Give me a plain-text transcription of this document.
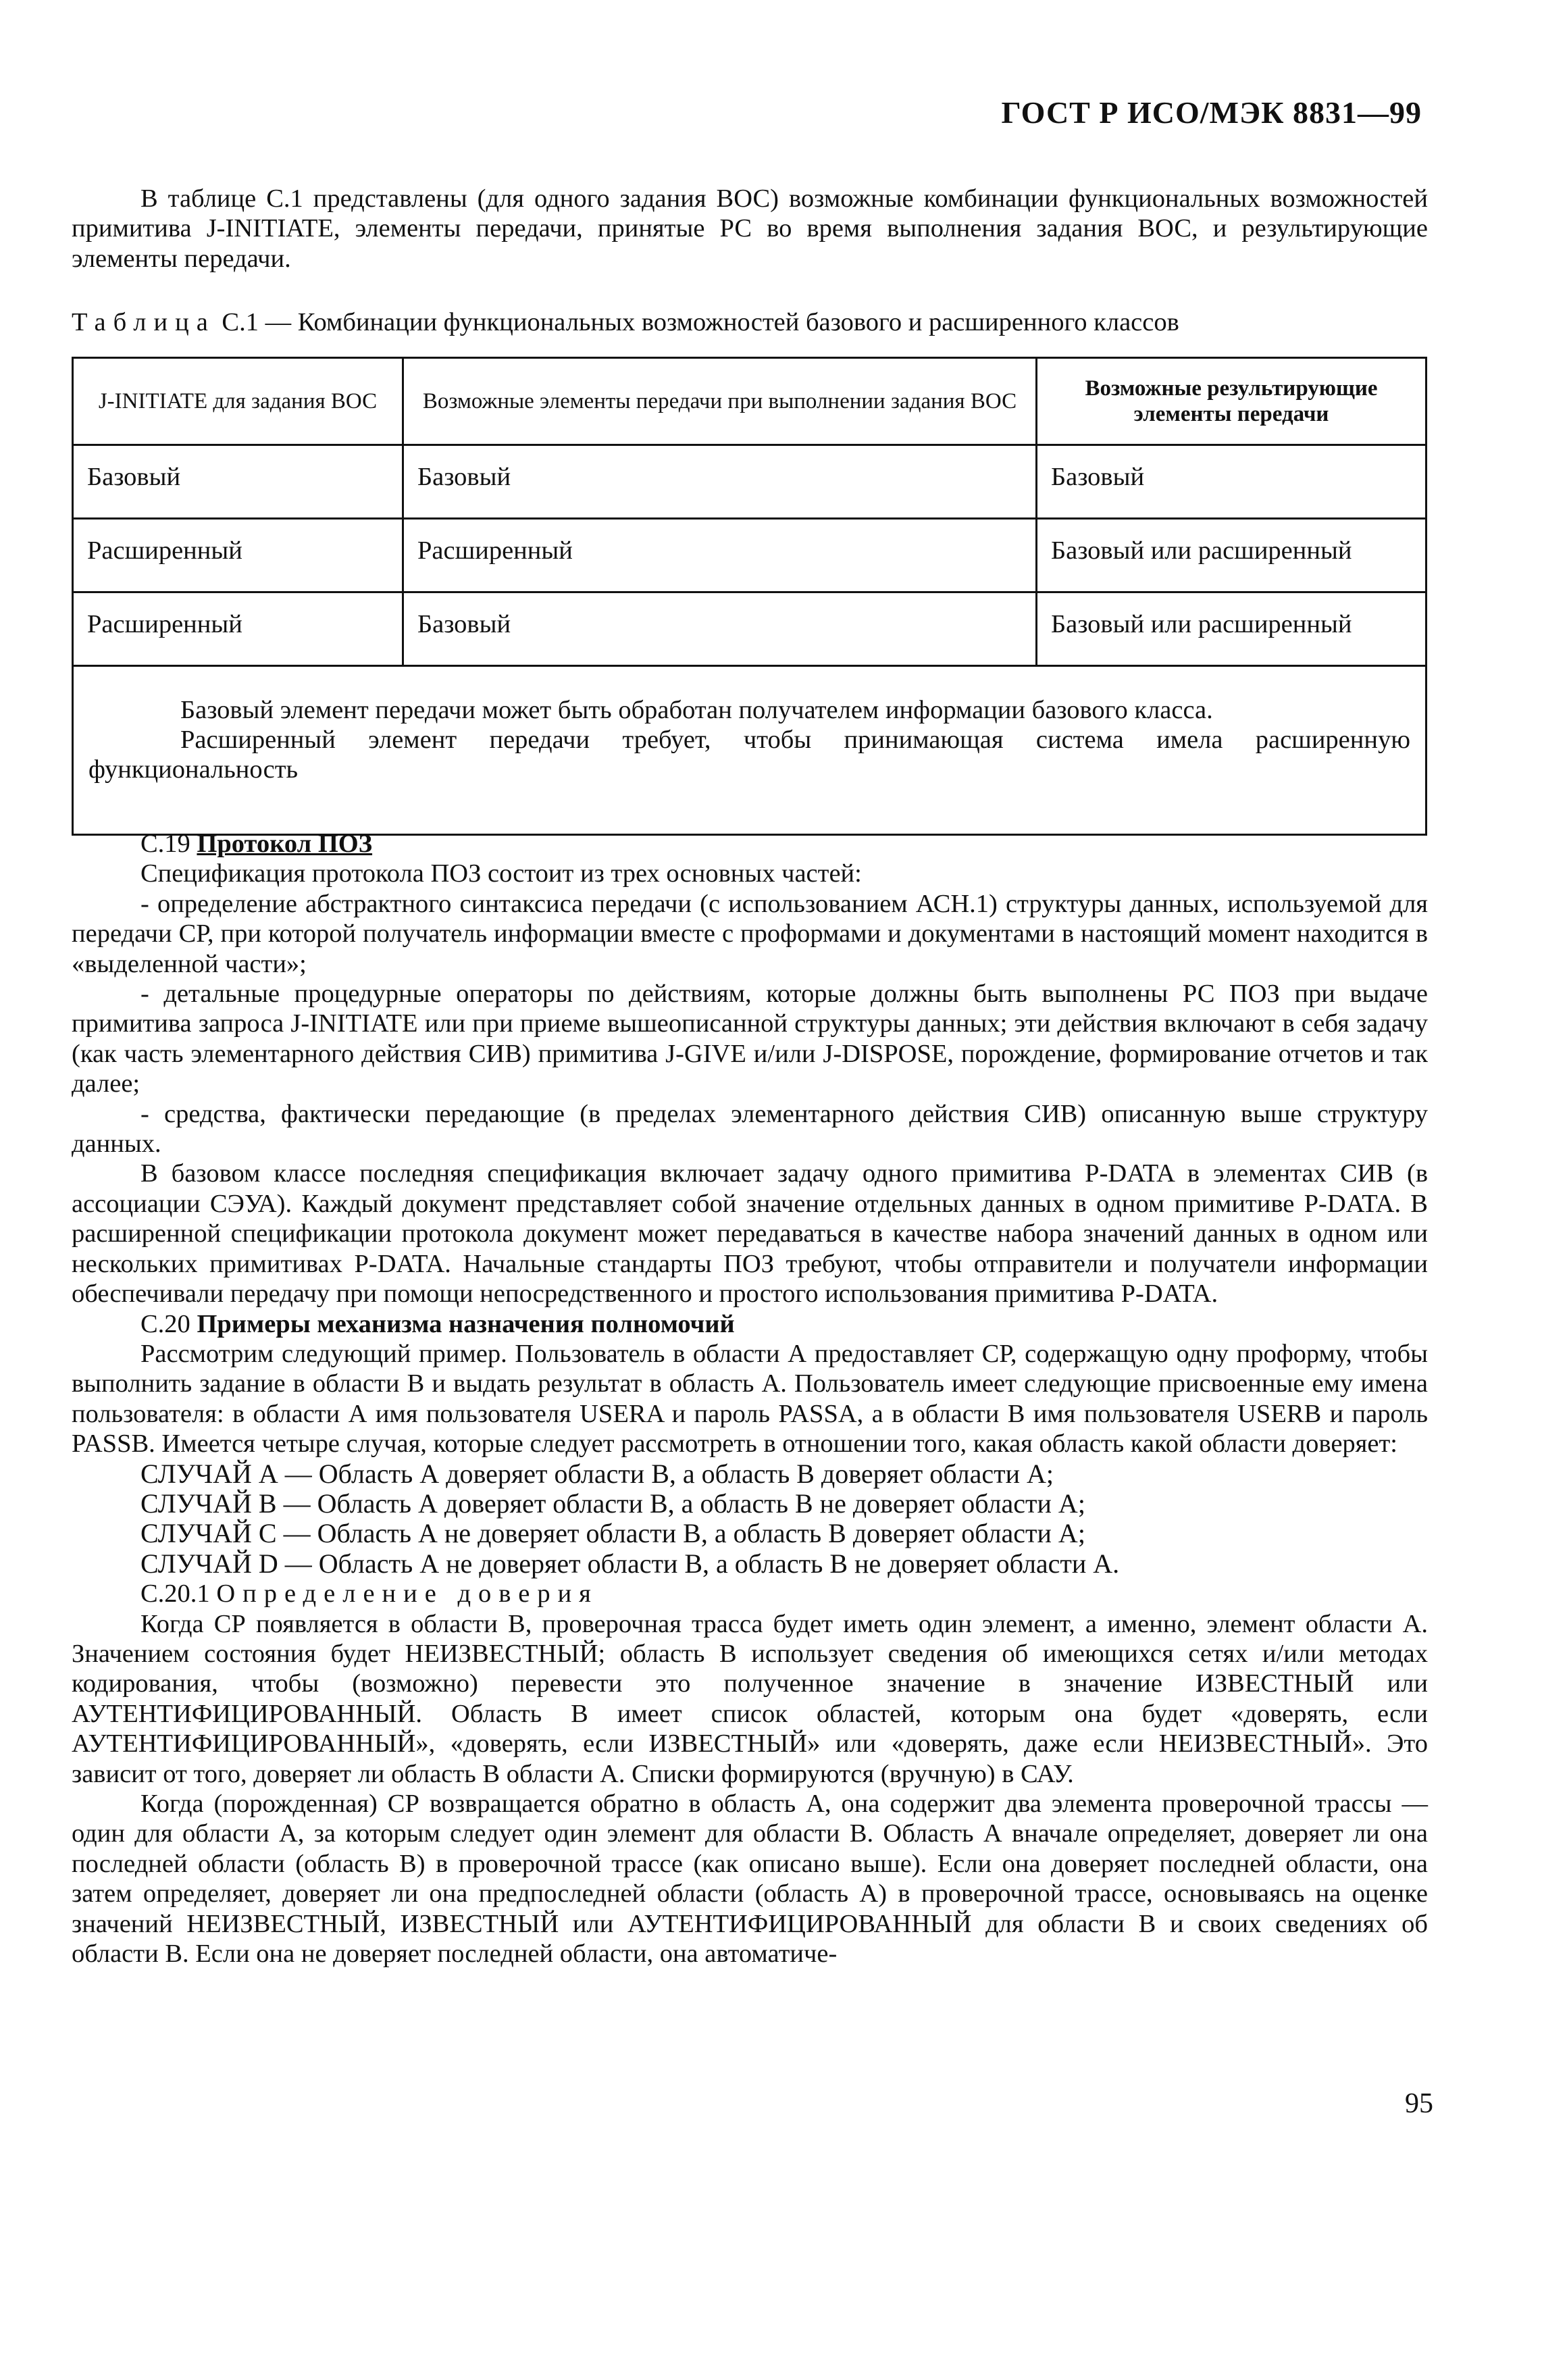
ГОСТ Р ИСО/МЭК 8831—99

В таблице С.1 представлены (для одного задания ВОС) возможные комбинации функциональных возможностей примитива J-INITIATE, элементы передачи, принятые РС во время выполнения задания ВОС, и результирующие элементы передачи.

Таблица С.1 — Комбинации функциональных возможностей базового и расширенного классов
J-INITIATE для задания ВОС	Возможные элементы передачи при выполнении задания ВОС	Возможные результирующие элементы передачи
Базовый	Базовый	Базовый
Расширенный	Расширенный	Базовый или расширенный
Расширенный	Базовый	Базовый или расширенный

Базовый элемент передачи может быть обработан получателем информации базового класса.
Расширенный элемент передачи требует, чтобы принимающая система имела расширенную функциональность		

С.19 Протокол ПОЗ

Спецификация протокола ПОЗ состоит из трех основных частей:

- определение абстрактного синтаксиса передачи (с использованием АСН.1) структуры данных, используемой для передачи СР, при которой получатель информации вместе с проформами и документами в настоящий момент находится в «выделенной части»;

- детальные процедурные операторы по действиям, которые должны быть выполнены РС ПОЗ при выдаче примитива запроса J-INITIATE или при приеме вышеописанной структуры данных; эти действия включают в себя задачу (как часть элементарного действия СИВ) примитива J-GIVE и/или J-DISPOSE, порождение, формирование отчетов и так далее;

- средства, фактически передающие (в пределах элементарного действия СИВ) описанную выше структуру данных.

В базовом классе последняя спецификация включает задачу одного примитива P-DATA в элементах СИВ (в ассоциации СЭУА). Каждый документ представляет собой значение отдельных данных в одном примитиве P-DATA. В расширенной спецификации протокола документ может передаваться в качестве набора значений данных в одном или нескольких примитивах P-DATA. Начальные стандарты ПОЗ требуют, чтобы отправители и получатели информации обеспечивали передачу при помощи непосредственного и простого использования примитива P-DATA.

С.20 Примеры механизма назначения полномочий

Рассмотрим следующий пример. Пользователь в области А предоставляет СР, содержащую одну проформу, чтобы выполнить задание в области В и выдать результат в область А. Пользователь имеет следующие присвоенные ему имена пользователя: в области А имя пользователя USERA и пароль PASSA, а в области В имя пользователя USERB и пароль PASSB. Имеется четыре случая, которые следует рассмотреть в отношении того, какая область какой области доверяет:

СЛУЧАЙ А — Область А доверяет области В, а область В доверяет области А;

СЛУЧАЙ В — Область А доверяет области В, а область В не доверяет области А;

СЛУЧАЙ С — Область А не доверяет области В, а область В доверяет области А;

СЛУЧАЙ D — Область А не доверяет области В, а область В не доверяет области А.

С.20.1 Определение доверия

Когда СР появляется в области В, проверочная трасса будет иметь один элемент, а именно, элемент области А. Значением состояния будет НЕИЗВЕСТНЫЙ; область В использует сведения об имеющихся сетях и/или методах кодирования, чтобы (возможно) перевести это полученное значение в значение ИЗВЕСТНЫЙ или АУТЕНТИФИЦИРОВАННЫЙ. Область В имеет список областей, которым она будет «доверять, если АУТЕНТИФИЦИРОВАННЫЙ», «доверять, если ИЗВЕСТНЫЙ» или «доверять, даже если НЕИЗВЕСТНЫЙ». Это зависит от того, доверяет ли область В области А. Списки формируются (вручную) в САУ.

Когда (порожденная) СР возвращается обратно в область А, она содержит два элемента проверочной трассы — один для области А, за которым следует один элемент для области В. Область А вначале определяет, доверяет ли она последней области (область В) в проверочной трассе (как описано выше). Если она доверяет последней области, она затем определяет, доверяет ли она предпоследней области (область А) в проверочной трассе, основываясь на оценке значений НЕИЗВЕСТНЫЙ, ИЗВЕСТНЫЙ или АУТЕНТИФИЦИРОВАННЫЙ для области В и своих сведениях об области В. Если она не доверяет последней области, она автоматиче-

95
